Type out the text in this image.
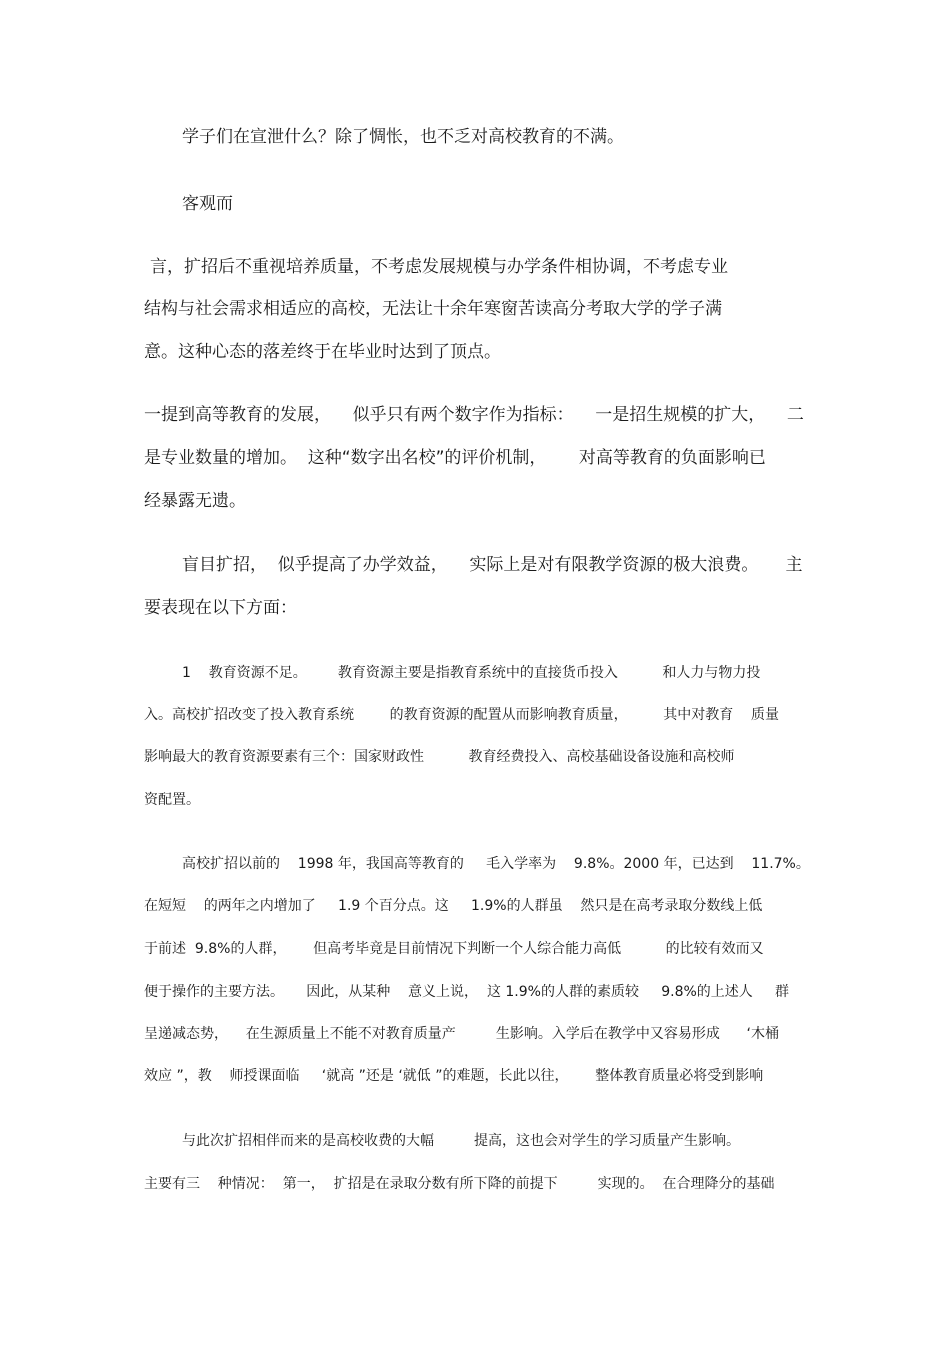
学子们在宣泄什么？除了惆怅，也不乏对高校教育的不满。
客观而
言，扩招后不重视培养质量，不考虑发展规模与办学条件相协调，不考虑专业
结构与社会需求相适应的高校，无法让十余年寒窗苦读高分考取大学的学子满
意。这种心态的落差终于在毕业时达到了顶点。
一提到高等教育的发展，    似乎只有两个数字作为指标：    一是招生规模的扩大，    二
是专业数量的增加。  这种“数字出名校”的评价机制，      对高等教育的负面影响已
经暴露无遗。
盲目扩招，  似乎提高了办学效益，    实际上是对有限教学资源的极大浪费。     主
要表现在以下方面：
1    教育资源不足。       教育资源主要是指教育系统中的直接货币投入          和人力与物力投
入。高校扩招改变了投入教育系统        的教育资源的配置从而影响教育质量，        其中对教育    质量
影响最大的教育资源要素有三个：国家财政性          教育经费投入、高校基础设备设施和高校师
资配置。
高校扩招以前的    1998 年，我国高等教育的     毛入学率为    9.8%。2000 年，已达到    11.7%。
在短短    的两年之内增加了     1.9 个百分点。这     1.9%的人群虽    然只是在高考录取分数线上低
于前述  9.8%的人群，      但高考毕竟是目前情况下判断一个人综合能力高低          的比较有效而又
便于操作的主要方法。     因此，从某种    意义上说，  这 1.9%的人群的素质较     9.8%的上述人     群
呈递减态势，    在生源质量上不能不对教育质量产         生影响。入学后在教学中又容易形成      ‘木桶
效应 ”，教    师授课面临     ‘就高 ”还是 ‘就低 ”的难题，长此以往，      整体教育质量必将受到影响
与此次扩招相伴而来的是高校收费的大幅         提高，这也会对学生的学习质量产生影响。
主要有三    种情况：  第一，  扩招是在录取分数有所下降的前提下         实现的。  在合理降分的基础
